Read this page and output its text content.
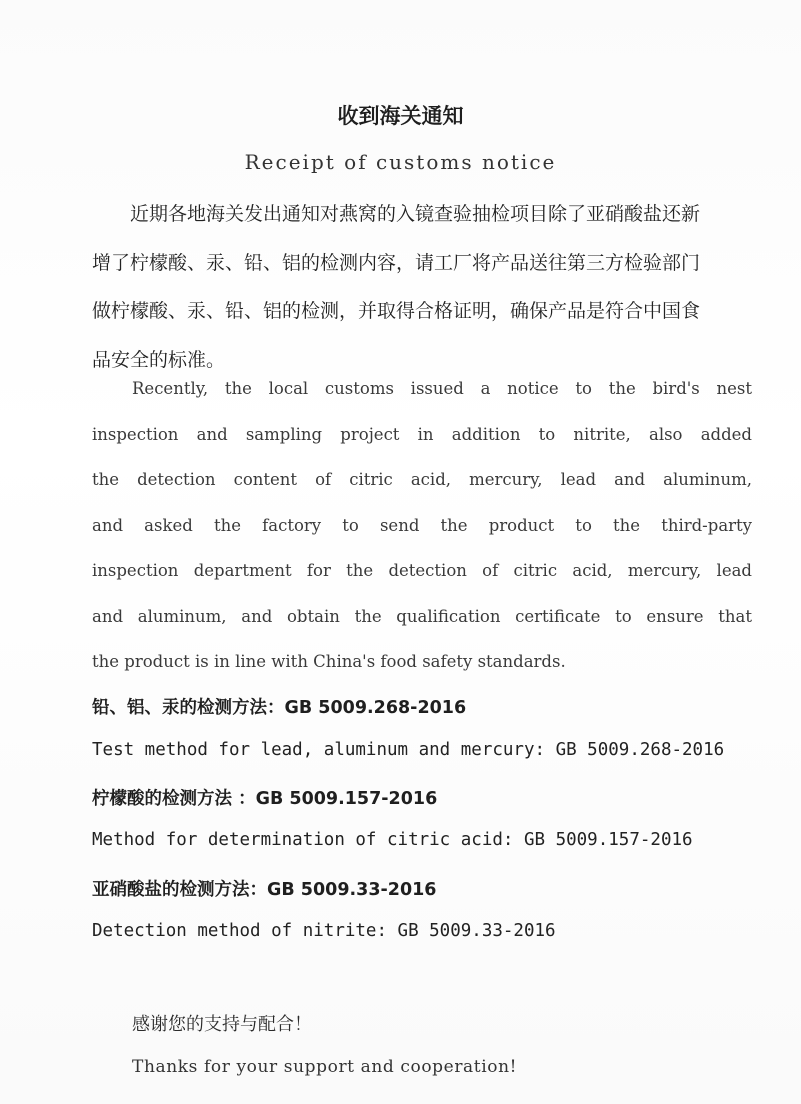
收到海关通知
Receipt of customs notice
近期各地海关发出通知对燕窝的入镜查验抽检项目除了亚硝酸盐还新
增了柠檬酸、汞、铅、铝的检测内容，请工厂将产品送往第三方检验部门
做柠檬酸、汞、铅、铝的检测，并取得合格证明，确保产品是符合中国食
品安全的标准。
Recently, the local customs issued a notice to the bird's nest
inspection and sampling project in addition to nitrite, also added
the detection content of citric acid, mercury, lead and aluminum,
and asked the factory to send the product to the third-party
inspection department for the detection of citric acid, mercury, lead
and aluminum, and obtain the qualification certificate to ensure that
the product is in line with China's food safety standards.
铅、铝、汞的检测方法：GB 5009.268-2016
Test method for lead, aluminum and mercury: GB 5009.268-2016
柠檬酸的检测方法 ：GB 5009.157-2016
Method for determination of citric acid: GB 5009.157-2016
亚硝酸盐的检测方法：GB 5009.33-2016
Detection method of nitrite: GB 5009.33-2016
感谢您的支持与配合！
Thanks for your support and cooperation!
